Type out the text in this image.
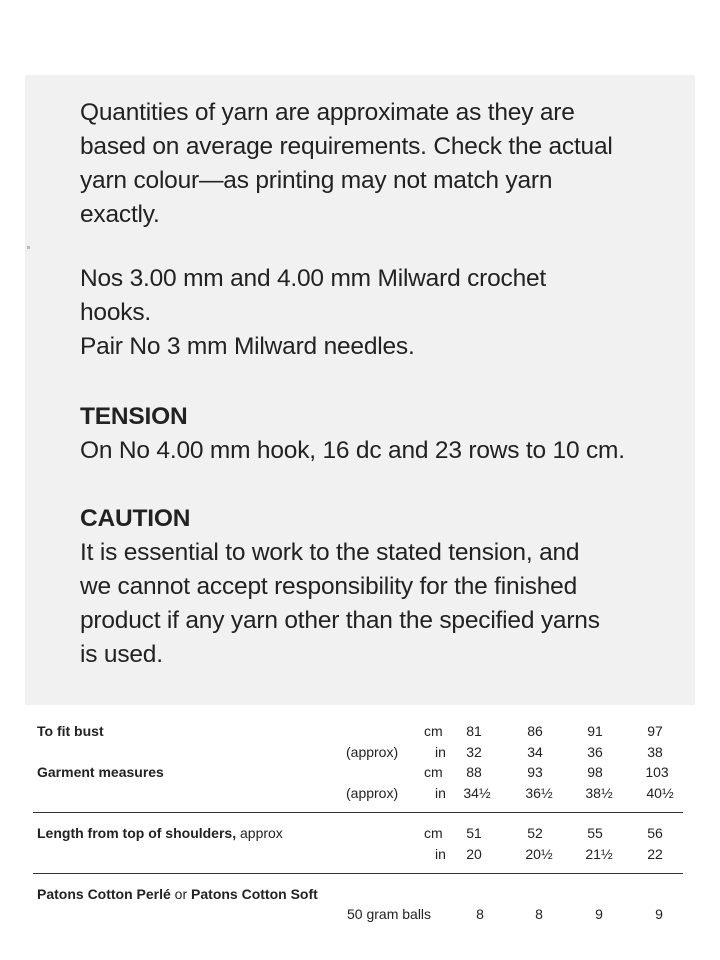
Quantities of yarn are approximate as they are
based on average requirements. Check the actual
yarn colour—as printing may not match yarn
exactly.
Nos 3.00 mm and 4.00 mm Milward crochet
hooks.
Pair No 3 mm Milward needles.
TENSION
On No 4.00 mm hook, 16 dc and 23 rows to 10 cm.
CAUTION
It is essential to work to the stated tension, and
we cannot accept responsibility for the finished
product if any yarn other than the specified yarns
is used.
To fit bust	cm	81	86	91	97
(approx)	in	32	34	36	38
Garment measures	cm	88	93	98	103
(approx)	in	34½	36½	38½	40½
Length from top of shoulders, approx	cm	51	52	55	56
in	20	20½	21½	22
Patons Cotton Perlé or Patons Cotton Soft
50 gram balls	8	8	9	9
